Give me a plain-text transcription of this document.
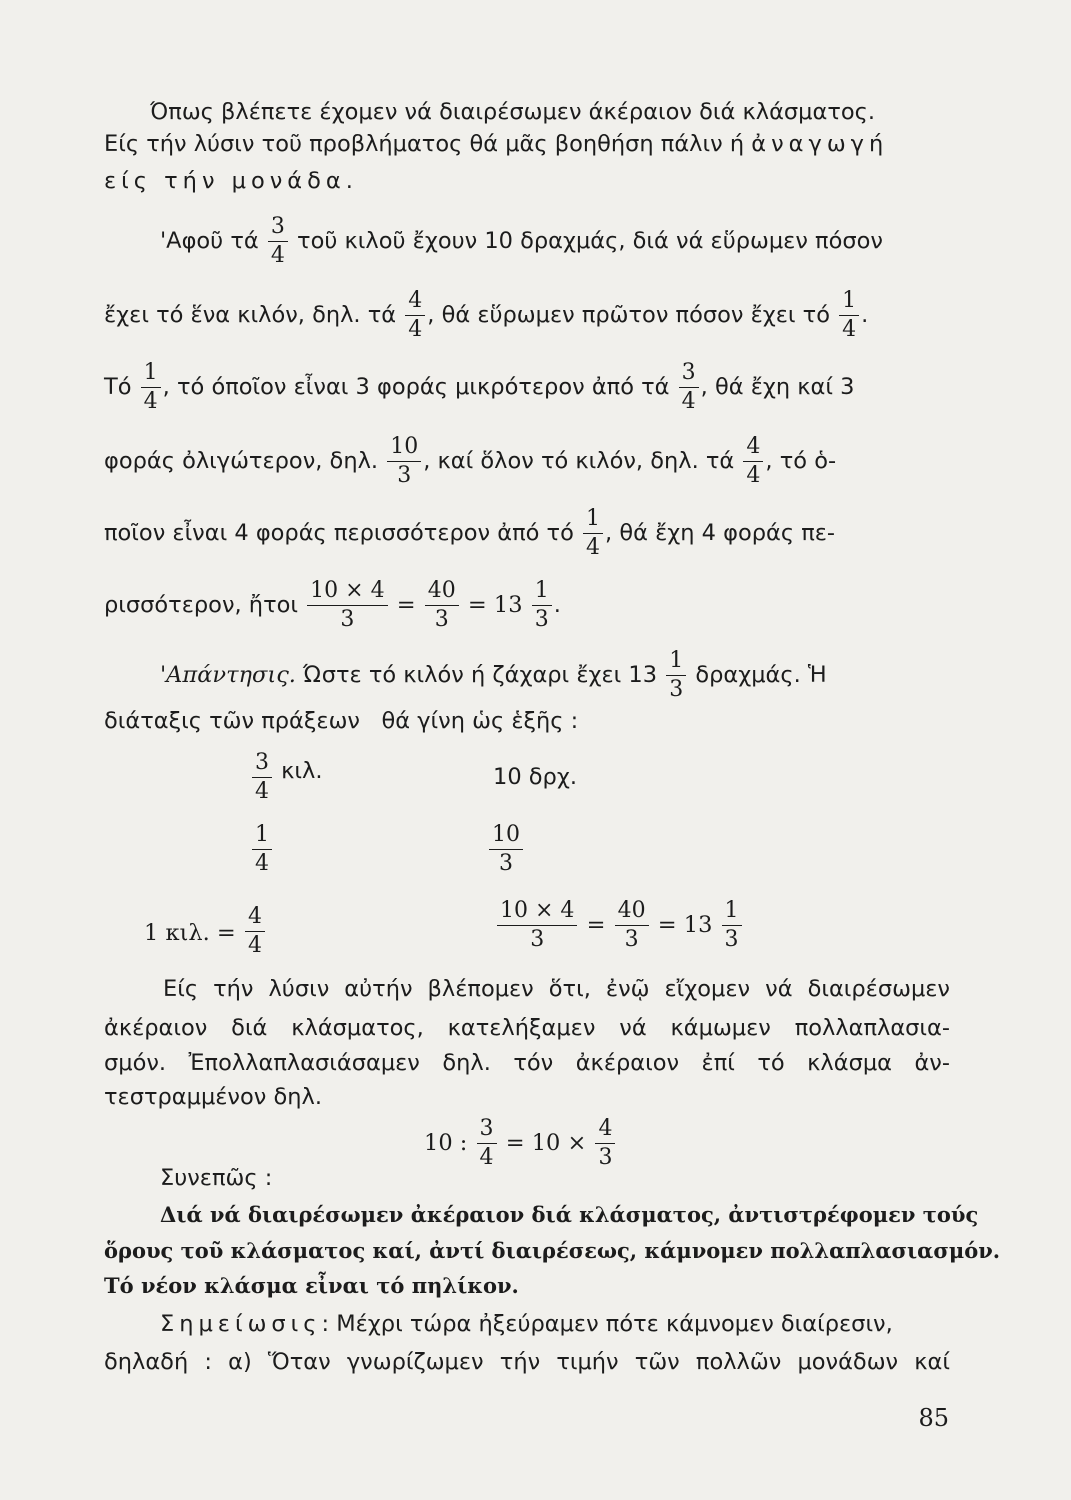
Όπως βλέπετε έχομεν νά διαιρέσωμεν άκέραιον διά κλάσματος.
Είς τήν λύσιν τοῦ προβλήματος θά μᾶς βοηθήση πάλιν ή ἀναγωγή
είς τήν μονάδα.
'Αφοῦ τά $\frac{3}{4}$ τοῦ κιλοῦ ἔχουν 10 δραχμάς, διά νά εὕρωμεν πόσον
ἔχει τό ἕνα κιλόν, δηλ. τά $\frac{4}{4}$ , θά εὕρωμεν πρῶτον πόσον ἔχει τό $\frac{1}{4}$ .
Τό $\frac{1}{4}$ , τό όποῖον εἶναι 3 φοράς μικρότερον ἀπό τά $\frac{3}{4}$ , θά ἔχη καί 3
φοράς ὀλιγώτερον, δηλ. $\frac{10}{3}$ , καί ὅλον τό κιλόν, δηλ. τά $\frac{4}{4}$ , τό ὁ-
ποῖον εἶναι 4 φοράς περισσότερον ἀπό τό $\frac{1}{4}$ , θά ἔχη 4 φοράς πε-
ρισσότερον, ἤτοι $\frac{10 \times 4}{3} = \frac{40}{3} = 13 \frac{1}{3}$ .
'Απάντησις. Ώστε τό κιλόν ή ζάχαρι ἔχει $13 \frac{1}{3} \delta\rho\alpha\chi\mu ά\varsigma$. Ἡ
διάταξις τῶν πράξεων θά γίνη ὡς ἑξῆς :
$\frac{3}{4} \kappa\iota\lambda$.	10 δρχ.
$\frac{1}{4}$	$\frac{10}{3}$
1 κιλ. = $\frac{4}{4}$	$\frac{10 \times 4}{3} = \frac{40}{3} = 13 \frac{1}{3}$
Είς τήν λύσιν αὐτήν βλέπομεν ὅτι, ἐνῷ εἴχομεν νά διαιρέσωμεν
ἀκέραιον διά κλάσματος, κατελήξαμεν νά κάμωμεν πολλαπλασια-
σμόν. Ἐπολλαπλασιάσαμεν δηλ. τόν ἀκέραιον ἐπί τό κλάσμα ἀν-
τεστραμμένον δηλ.
10 : $\frac{3}{4} = 10 \times \frac{4}{3}$
Συνεπῶς :
Διά νά διαιρέσωμεν ἀκέραιον διά κλάσματος, ἀντιστρέφομεν τούς
ὅρους τοῦ κλάσματος καί, ἀντί διαιρέσεως, κάμνομεν πολλαπλασιασμόν.
Τό νέον κλάσμα εἶναι τό πηλίκον.
Σημείωσις: Μέχρι τώρα ἠξεύραμεν πότε κάμνομεν διαίρεσιν,
δηλαδή : α) Ὅταν γνωρίζωμεν τήν τιμήν τῶν πολλῶν μονάδων καί
85
